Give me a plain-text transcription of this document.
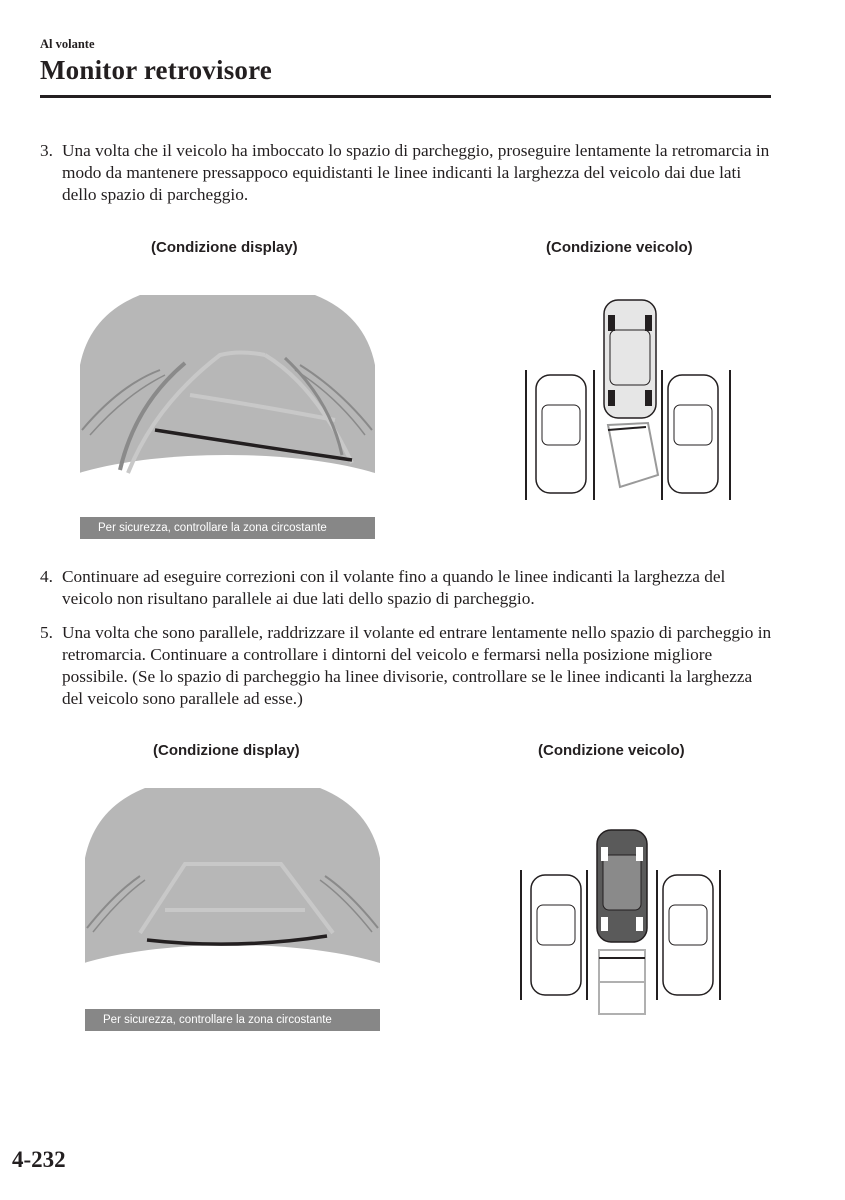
Al volante
Monitor retrovisore
3. Una volta che il veicolo ha imboccato lo spazio di parcheggio, proseguire lentamente la retromarcia in modo da mantenere pressappoco equidistanti le linee indicanti la larghezza del veicolo dai due lati dello spazio di parcheggio.
(Condizione display)	(Condizione veicolo)
Per sicurezza, controllare la zona circostante
4. Continuare ad eseguire correzioni con il volante fino a quando le linee indicanti la larghezza del veicolo non risultano parallele ai due lati dello spazio di parcheggio.
5. Una volta che sono parallele, raddrizzare il volante ed entrare lentamente nello spazio di parcheggio in retromarcia. Continuare a controllare i dintorni del veicolo e fermarsi nella posizione migliore possibile. (Se lo spazio di parcheggio ha linee divisorie, controllare se le linee indicanti la larghezza del veicolo sono parallele ad esse.)
(Condizione display)	(Condizione veicolo)
Per sicurezza, controllare la zona circostante
4-232
